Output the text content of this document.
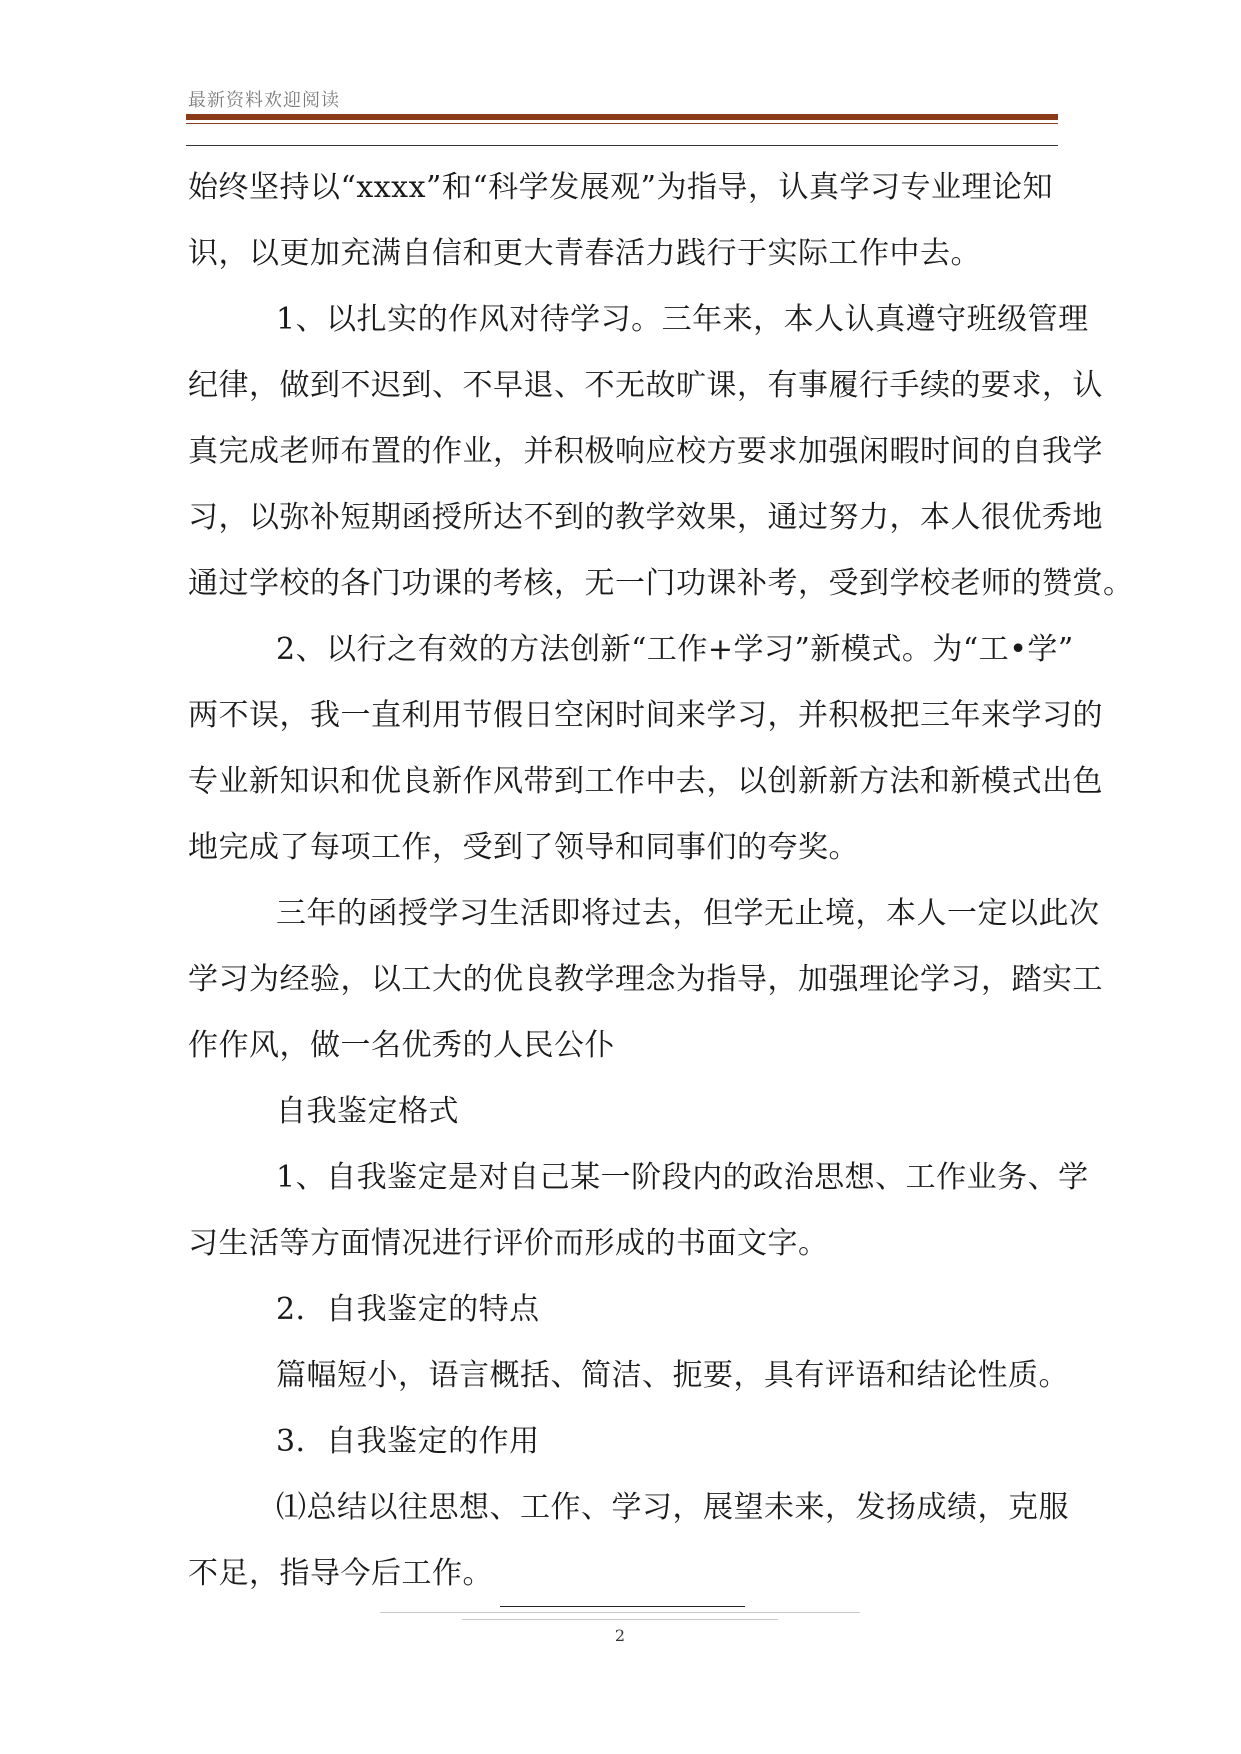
最新资料欢迎阅读
始终坚持以“xxxx”和“科学发展观”为指导，认真学习专业理论知
识，以更加充满自信和更大青春活力践行于实际工作中去。
1、以扎实的作风对待学习。三年来，本人认真遵守班级管理
纪律，做到不迟到、不早退、不无故旷课，有事履行手续的要求，认
真完成老师布置的作业，并积极响应校方要求加强闲暇时间的自我学
习，以弥补短期函授所达不到的教学效果，通过努力，本人很优秀地
通过学校的各门功课的考核，无一门功课补考，受到学校老师的赞赏。
2、以行之有效的方法创新“工作+学习”新模式。为“工•学”
两不误，我一直利用节假日空闲时间来学习，并积极把三年来学习的
专业新知识和优良新作风带到工作中去，以创新新方法和新模式出色
地完成了每项工作，受到了领导和同事们的夸奖。
三年的函授学习生活即将过去，但学无止境，本人一定以此次
学习为经验，以工大的优良教学理念为指导，加强理论学习，踏实工
作作风，做一名优秀的人民公仆
自我鉴定格式
1、自我鉴定是对自己某一阶段内的政治思想、工作业务、学
习生活等方面情况进行评价而形成的书面文字。
2．自我鉴定的特点
篇幅短小，语言概括、简洁、扼要，具有评语和结论性质。
3．自我鉴定的作用
⑴总结以往思想、工作、学习，展望未来，发扬成绩，克服
不足，指导今后工作。
2
